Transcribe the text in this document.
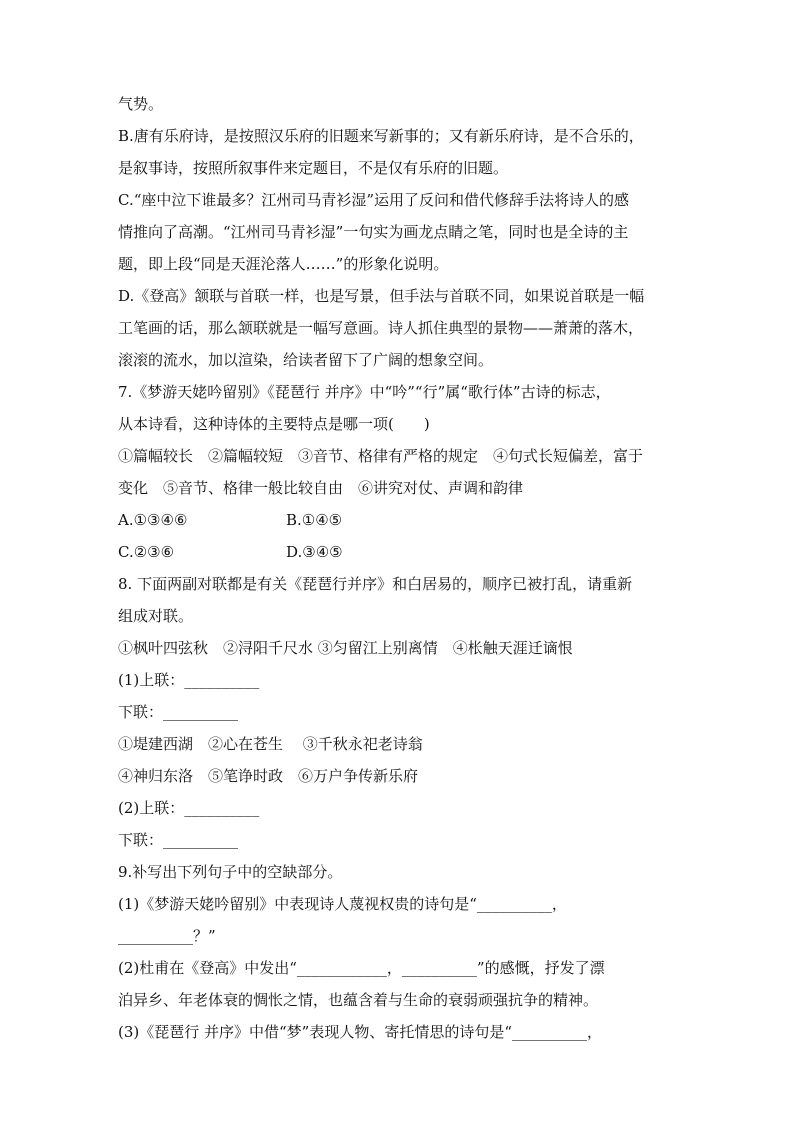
气势。
B.唐有乐府诗，是按照汉乐府的旧题来写新事的；又有新乐府诗，是不合乐的，
是叙事诗，按照所叙事件来定题目，不是仅有乐府的旧题。
C.“座中泣下谁最多？江州司马青衫湿”运用了反问和借代修辞手法将诗人的感
情推向了高潮。“江州司马青衫湿”一句实为画龙点睛之笔，同时也是全诗的主
题，即上段“同是天涯沦落人……”的形象化说明。
D.《登高》颔联与首联一样，也是写景，但手法与首联不同，如果说首联是一幅
工笔画的话，那么颔联就是一幅写意画。诗人抓住典型的景物——萧萧的落木，
滚滚的流水，加以渲染，给读者留下了广阔的想象空间。
7.《梦游天姥吟留别》《琵琶行 并序》中“吟”“行”属“歌行体”古诗的标志，
从本诗看，这种诗体的主要特点是哪一项(　　)
①篇幅较长　②篇幅较短　③音节、格律有严格的规定　④句式长短偏差，富于
变化　⑤音节、格律一般比较自由　⑥讲究对仗、声调和韵律
A.①③④⑥	B.①④⑤
C.②③⑥	D.③④⑤
8. 下面两副对联都是有关《琵琶行并序》和白居易的，顺序已被打乱，请重新
组成对联。
①枫叶四弦秋　②浔阳千尺水 ③匀留江上别离情　④枨触天涯迁谪恨
(1)上联：__________
下联：__________
①堤建西湖　②心在苍生　 ③千秋永祀老诗翁
④神归东洛　⑤笔诤时政　⑥万户争传新乐府
(2)上联：__________
下联：__________
9.补写出下列句子中的空缺部分。
(1)《梦游天姥吟留别》中表现诗人蔑视权贵的诗句是“__________，
__________？”
(2)杜甫在《登高》中发出“____________，__________”的感慨，抒发了漂
泊异乡、年老体衰的惆怅之情，也蕴含着与生命的衰弱顽强抗争的精神。
(3)《琵琶行 并序》中借“梦”表现人物、寄托情思的诗句是“__________，
